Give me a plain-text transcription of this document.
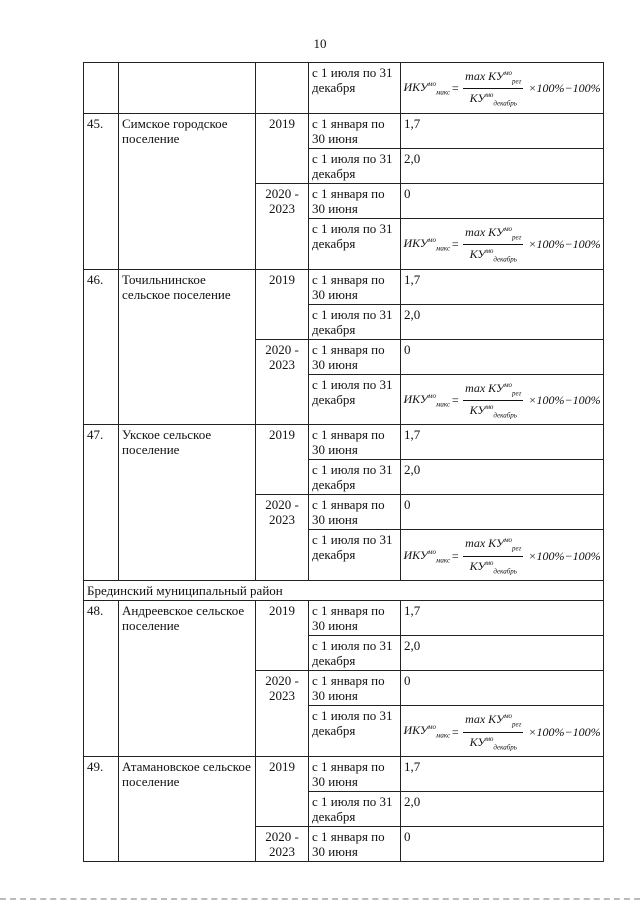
10
			с 1 июля по 31 декабря	$ИКУ^{мо}_{макс} = \frac{\max КУ^{мо}_{рег}}{КУ^{мо}_{декабрь}} \times 100\%-100\%$

45.	Симское городское поселение	2019	с 1 января по 30 июня	1,7
			с 1 июля по 31 декабря	2,0
		2020 - 2023	с 1 января по 30 июня	0
			с 1 июля по 31 декабря	$ИКУ^{мо}_{макс} = \frac{\max КУ^{мо}_{рег}}{КУ^{мо}_{декабрь}} \times 100\%-100\%$

46.	Точильнинское сельское поселение	2019	с 1 января по 30 июня	1,7
			с 1 июля по 31 декабря	2,0
		2020 - 2023	с 1 января по 30 июня	0
			с 1 июля по 31 декабря	$ИКУ^{мо}_{макс} = \frac{\max КУ^{мо}_{рег}}{КУ^{мо}_{декабрь}} \times 100\%-100\%$

47.	Укское сельское поселение	2019	с 1 января по 30 июня	1,7
			с 1 июля по 31 декабря	2,0
		2020 - 2023	с 1 января по 30 июня	0
			с 1 июля по 31 декабря	$ИКУ^{мо}_{макс} = \frac{\max КУ^{мо}_{рег}}{КУ^{мо}_{декабрь}} \times 100\%-100\%$

Брединский муниципальный район				
48.	Андреевское сельское поселение	2019	с 1 января по 30 июня	1,7
			с 1 июля по 31 декабря	2,0
		2020 - 2023	с 1 января по 30 июня	0
			с 1 июля по 31 декабря	$ИКУ^{мо}_{макс} = \frac{\max КУ^{мо}_{рег}}{КУ^{мо}_{декабрь}} \times 100\%-100\%$

49.	Атамановское сельское поселение	2019	с 1 января по 30 июня	1,7
			с 1 июля по 31 декабря	2,0
		2020 - 2023	с 1 января по 30 июня	0
